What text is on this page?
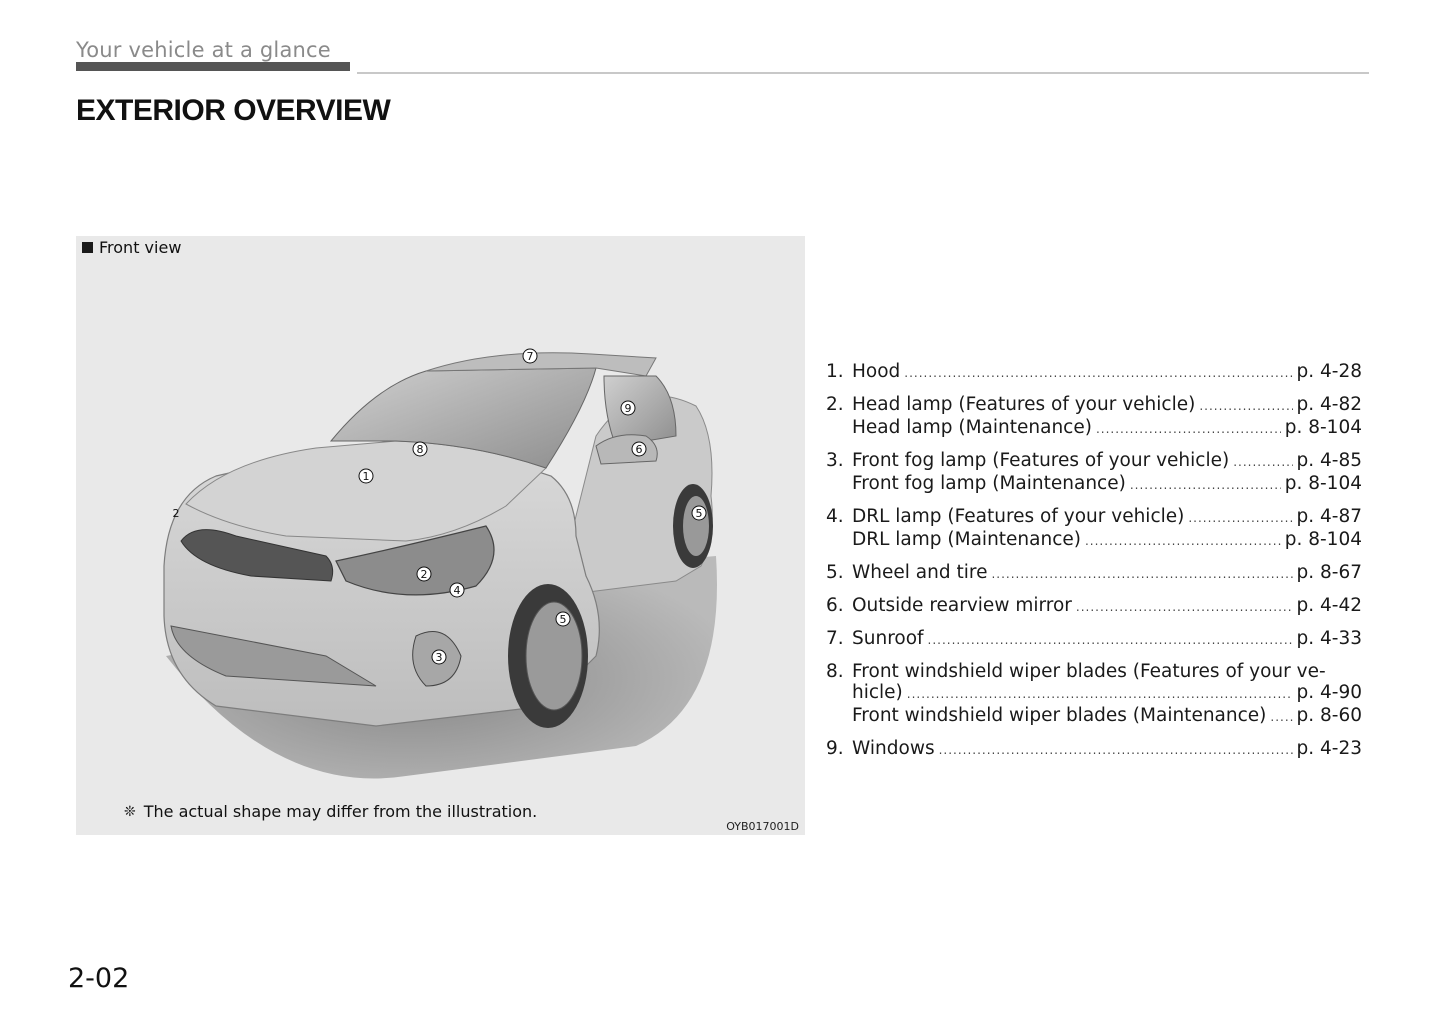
Your vehicle at a glance
EXTERIOR OVERVIEW
1
2
2
3
4
5
5
6
7
8
9
Front view
❊ The actual shape may differ from the illustration.
OYB017001D
1. Hood .....	p. 4-28
2. Head lamp (Features of your vehicle) .....	p. 4-82
Head lamp (Maintenance) .....	p. 8-104
3. Front fog lamp (Features of your vehicle) .....	p. 4-85
Front fog lamp (Maintenance) .....	p. 8-104
4. DRL lamp (Features of your vehicle) .....	p. 4-87
DRL lamp (Maintenance) .....	p. 8-104
5. Wheel and tire .....	p. 8-67
6. Outside rearview mirror .....	p. 4-42
7. Sunroof .....	p. 4-33
8. Front windshield wiper blades (Features of your ve-
hicle) .....	p. 4-90
Front windshield wiper blades (Maintenance) ..... p. 8-60
9. Windows .....	p. 4-23
2-02
